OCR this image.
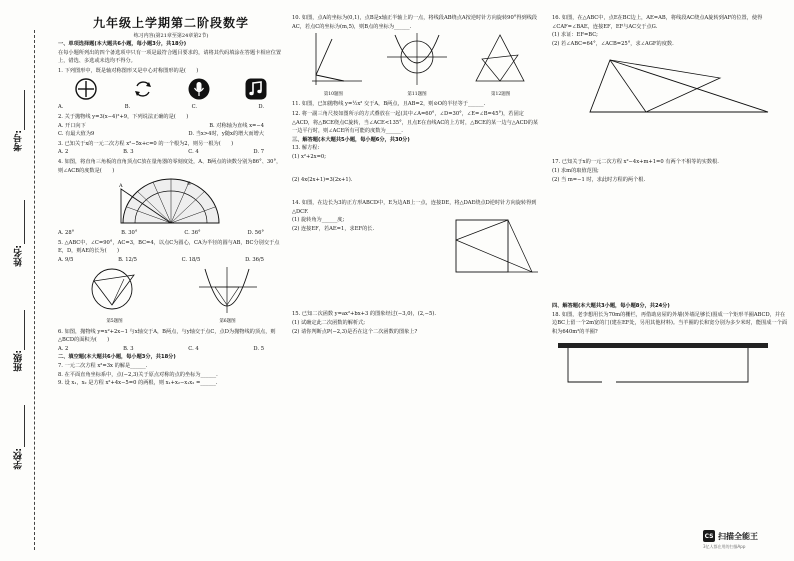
考号:
姓名:
班级:
学校:
九年级上学期第二阶段数学
练习内容(第21章至第24章第2节)
一、单项选择题(本大题共6小题，每小题3分，共18分)
在每小题所列出的四个备选项中只有一项是最符合题目要求的，请将其代码填涂在答题卡相应位置上，错选、多选或未选均不得分。
1. 下列图形中，既是轴对称图形又是中心对称图形的是(　　)
A.	B.	C.	D.
2. 关于抛物线 y=3(x−4)²+9，下列说法正确的是(　　)
A. 开口向下	B. 对称轴为直线 x=−4
C. 有最大值为9	D. 当x>4时，y随x的增大而增大
3. 已知关于x的一元二次方程 x²−5x+c=0 的一个根为2，则另一根为(　　)
A. 2	B. 3	C. 4	D. 7
4. 如图，将直角三角板的直角顶点C放在量角器的零刻度处，A、B两点的读数分别为86°、30°，则∠ACB的度数是(　　)
A	B
A. 28°	B. 30°	C. 36°	D. 56°
5. △ABC中，∠C=90°，AC=3，BC=4，以点C为圆心，CA为半径的圆与AB，BC分别交于点E，D，则AE的长为(　　)
A. 9/5	B. 12/5	C. 18/5	D. 36/5
第5题图	第6题图
6. 如图，抛物线 y=x²+2x−1 与x轴交于A，B两点，与y轴交于点C，点D为抛物线的顶点，则△BCD的面积为(　　)
A. 2	B. 3	C. 4	D. 5
二、填空题(本大题共6小题，每小题3分，共18分)
7. 一元二次方程 x²=3x 的解是______.
8. 在平面直角坐标系中，点(−2,3)关于原点对称的点的坐标为______.
9. 设 x₁，x₂ 是方程 x²+4x−5=0 的两根，则 x₁+x₂−x₁x₂ =______.
10. 如图，点A的坐标为(0,1)，点B是x轴正半轴上的一点，将线段AB绕点A按逆时针方向旋转90°得到线段AC，若点C的坐标为(m,5)，则B点的坐标为______.
第10题图	第11题图	第12题图
11. 如图，已知抛物线 y=½x² 交于A，B两点，且AB=2，则⊙O的半径等于______.
12. 将一副三角尺按如图所示的方式叠放在一起(其中∠A=60°，∠D=30°，∠E=∠B=45°)，若固定△ACD，将△BCE绕点C旋转，当∠ACE<135°，且点E在直线AC的上方时，△BCE的某一边与△ACD的某一边平行时，则∠ACE所有可能的度数为______.
三、解答题(本大题共5小题，每小题6分，共30分)
13. 解方程:
(1) x²+2x=0;
(2) 4x(2x+1)=3(2x+1).
14. 如图，在边长为3的正方形ABCD中，E为边AB上一点，连接DE，将△DAE绕点D逆时针方向旋转得到△DCF.
(1) 旋转角为______度;
(2) 连接EF，若AE=1，求EF的长.
15. 已知二次函数 y=ax²+bx+3 的图象经过(−3,0)，(2,−5).
(1) 试确定此二次函数的解析式;
(2) 请你判断点P(−2,3)是否在这个二次函数的图象上?
16. 如图，在△ABC中，点E在BC边上，AE=AB，将线段AC绕点A旋转到AF的位置，使得∠CAF=∠BAE，连接EF，EF与AC交于点G.
(1) 求证：EF=BC;
(2) 若∠ABC=64°，∠ACB=25°，求∠AGF的度数.
17. 已知关于x的一元二次方程 x²−4x+m+1=0 有两个不相等的实数根.
(1) 求m的取值范围;
(2) 当 m=−1 时，求此时方程的两个根.
四、解答题(本大题共3小题，每小题8分，共24分)
18. 如图，老李想用长为70m的栅栏，再借助房屋的外墙(外墙足够长)围成一个矩形羊圈ABCD，并在边BC上留一个2m宽的门(建在EF处，另用其他材料)。当羊圈的长和宽分别为多少米时，能围成一个面积为640m²的羊圈?
CS 扫描全能王
3亿人都在用的扫描App
